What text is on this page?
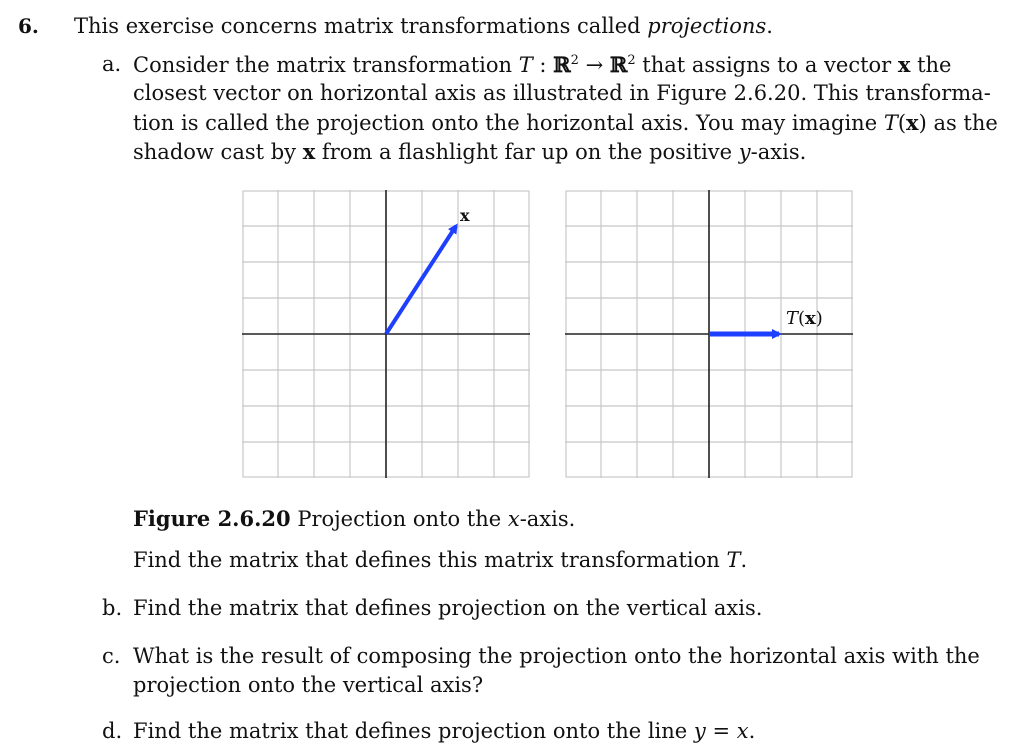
6. This exercise concerns matrix transformations called projections.
a. Consider the matrix transformation T : ℝ$^2$ → ℝ$^2$ that assigns to a vector x the
closest vector on horizontal axis as illustrated in Figure 2.6.20. This transforma-
tion is called the projection onto the horizontal axis. You may imagine T(x) as the
shadow cast by x from a flashlight far up on the positive y-axis.
x
T(x)
Figure 2.6.20 Projection onto the x-axis.
Find the matrix that defines this matrix transformation T.
b. Find the matrix that defines projection on the vertical axis.
c. What is the result of composing the projection onto the horizontal axis with the
projection onto the vertical axis?
d. Find the matrix that defines projection onto the line y = x.
